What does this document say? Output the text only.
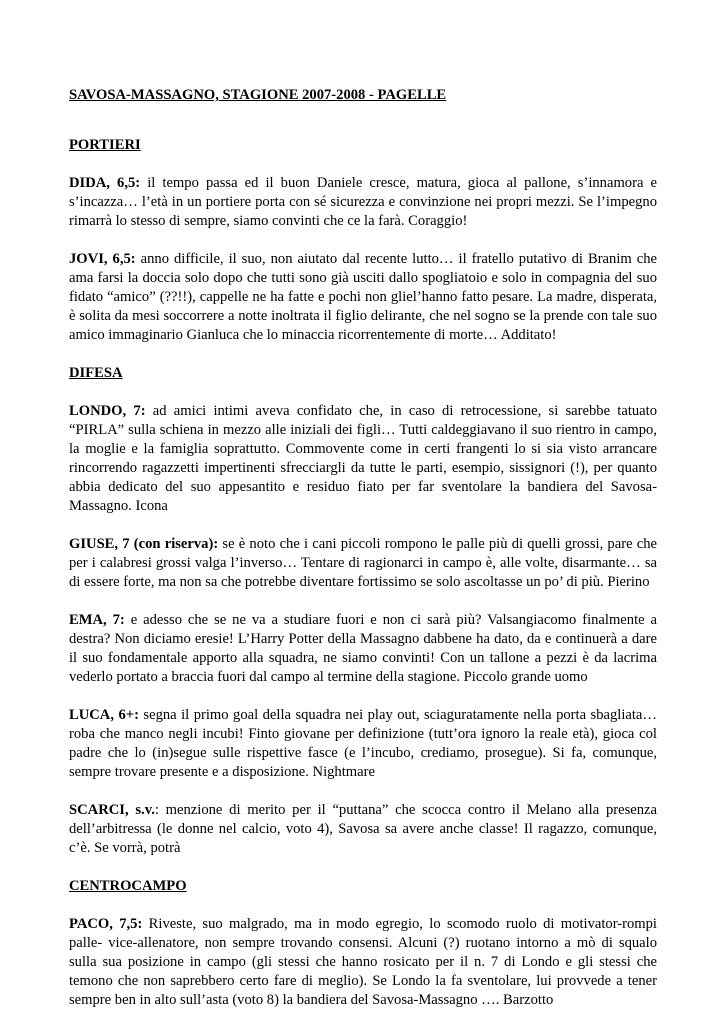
SAVOSA-MASSAGNO, STAGIONE 2007-2008 - PAGELLE
PORTIERI

DIDA, 6,5: il tempo passa ed il buon Daniele cresce, matura, gioca al pallone, s’innamora e s’incazza… l’età in un portiere porta con sé sicurezza e convinzione nei propri mezzi. Se l’impegno rimarrà lo stesso di sempre, siamo convinti che ce la farà. Coraggio!

JOVI, 6,5: anno difficile, il suo, non aiutato dal recente lutto… il fratello putativo di Branim che ama farsi la doccia solo dopo che tutti sono già usciti dallo spogliatoio e solo in compagnia del suo fidato “amico” (??!!), cappelle ne ha fatte e pochi non gliel’hanno fatto pesare. La madre, disperata, è solita da mesi soccorrere a notte inoltrata il figlio delirante, che nel sogno se la prende con tale suo amico immaginario Gianluca che lo minaccia ricorrentemente di morte… Additato!

DIFESA

LONDO, 7: ad amici intimi aveva confidato che, in caso di retrocessione, si sarebbe tatuato “PIRLA” sulla schiena in mezzo alle iniziali dei figli… Tutti caldeggiavano il suo rientro in campo, la moglie e la famiglia soprattutto. Commovente come in certi frangenti lo si sia visto arrancare rincorrendo ragazzetti impertinenti sfrecciargli da tutte le parti, esempio, sissignori (!), per quanto abbia dedicato del suo appesantito e residuo fiato per far sventolare la bandiera del Savosa-Massagno. Icona

GIUSE, 7 (con riserva): se è noto che i cani piccoli rompono le palle più di quelli grossi, pare che per i calabresi grossi valga l’inverso… Tentare di ragionarci in campo è, alle volte, disarmante… sa di essere forte, ma non sa che potrebbe diventare fortissimo se solo ascoltasse un po’ di più. Pierino

EMA, 7: e adesso che se ne va a studiare fuori e non ci sarà più? Valsangiacomo finalmente a destra? Non diciamo eresie! L’Harry Potter della Massagno dabbene ha dato, da e continuerà a dare il suo fondamentale apporto alla squadra, ne siamo convinti! Con un tallone a pezzi è da lacrima vederlo portato a braccia fuori dal campo al termine della stagione. Piccolo grande uomo

LUCA, 6+: segna il primo goal della squadra nei play out, sciaguratamente nella porta sbagliata… roba che manco negli incubi! Finto giovane per definizione (tutt’ora ignoro la reale età), gioca col padre che lo (in)segue sulle rispettive fasce (e l’incubo, crediamo, prosegue). Si fa, comunque, sempre trovare presente e a disposizione. Nightmare

SCARCI, s.v.: menzione di merito per il “puttana” che scocca contro il Melano alla presenza dell’arbitressa (le donne nel calcio, voto 4), Savosa sa avere anche classe! Il ragazzo, comunque, c’è. Se vorrà, potrà

CENTROCAMPO

PACO, 7,5: Riveste, suo malgrado, ma in modo egregio, lo scomodo ruolo di motivator-rompi palle- vice-allenatore, non sempre trovando consensi. Alcuni (?) ruotano intorno a mò di squalo sulla sua posizione in campo (gli stessi che hanno rosicato per il n. 7 di Londo e gli stessi che temono che non saprebbero certo fare di meglio). Se Londo la fa sventolare, lui provvede a tener sempre ben in alto sull’asta (voto 8) la bandiera del Savosa-Massagno …. Barzotto
